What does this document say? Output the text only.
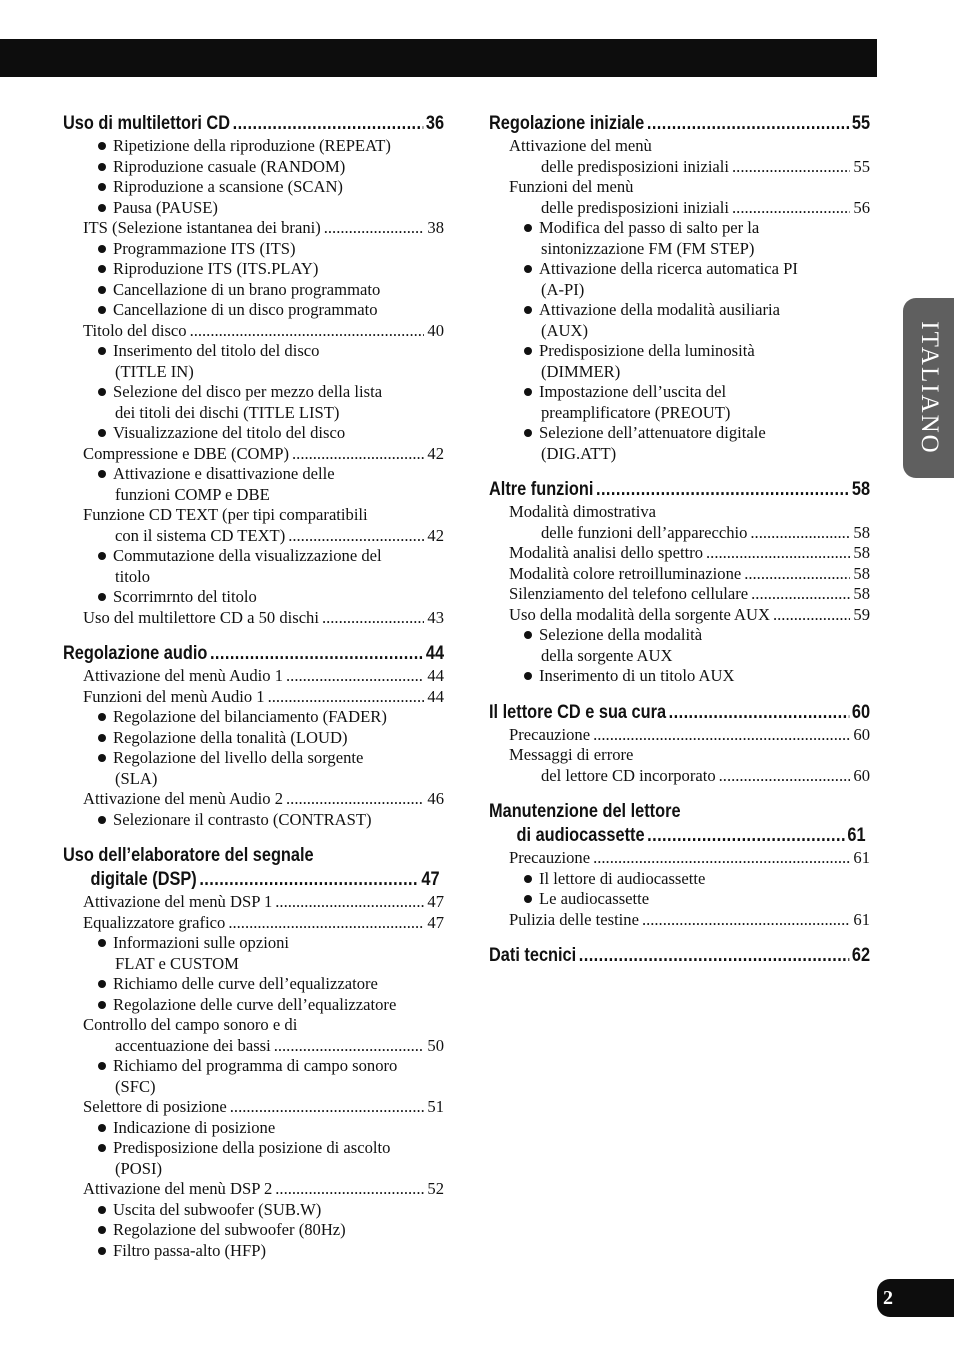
ITALIANO
2
Uso di multilettori CD .....	36
Ripetizione della riproduzione (REPEAT)
Riproduzione casuale (RANDOM)
Riproduzione a scansione (SCAN)
Pausa (PAUSE)
ITS (Selezione istantanea dei brani) .....	38
Programmazione ITS (ITS)
Riproduzione ITS (ITS.PLAY)
Cancellazione di un brano programmato
Cancellazione di un disco programmato
Titolo del disco .....	40
Inserimento del titolo del disco
(TITLE IN)
Selezione del disco per mezzo della lista
dei titoli dei dischi (TITLE LIST)
Visualizzazione del titolo del disco
Compressione e DBE (COMP) .....	42
Attivazione e disattivazione delle
funzioni COMP e DBE
Funzione CD TEXT (per tipi comparatibili
con il sistema CD TEXT) .....	42
Commutazione della visualizzazione del
titolo
Scorrimrnto del titolo
Uso del multilettore CD a 50 dischi .....	43
Regolazione audio .....	44
Attivazione del menù Audio 1 .....	44
Funzioni del menù Audio 1 .....	44
Regolazione del bilanciamento (FADER)
Regolazione della tonalità (LOUD)
Regolazione del livello della sorgente
(SLA)
Attivazione del menù Audio 2 .....	46
Selezionare il contrasto (CONTRAST)
Uso dell’elaboratore del segnale
digitale (DSP) .....	47
Attivazione del menù DSP 1 .....	47
Equalizzatore grafico .....	47
Informazioni sulle opzioni
FLAT e CUSTOM
Richiamo delle curve dell’equalizzatore
Regolazione delle curve dell’equalizzatore
Controllo del campo sonoro e di
accentuazione dei bassi .....	50
Richiamo del programma di campo sonoro
(SFC)
Selettore di posizione .....	51
Indicazione di posizione
Predisposizione della posizione di ascolto
(POSI)
Attivazione del menù DSP 2 .....	52
Uscita del subwoofer (SUB.W)
Regolazione del subwoofer (80Hz)
Filtro passa-alto (HFP)
Regolazione iniziale .....	55
Attivazione del menù
delle predisposizioni iniziali .....	55
Funzioni del menù
delle predisposizioni iniziali .....	56
Modifica del passo di salto per la
sintonizzazione FM (FM STEP)
Attivazione della ricerca automatica PI
(A-PI)
Attivazione della modalità ausiliaria
(AUX)
Predisposizione della luminosità
(DIMMER)
Impostazione dell’uscita del
preamplificatore (PREOUT)
Selezione dell’attenuatore digitale
(DIG.ATT)
Altre funzioni .....	58
Modalità dimostrativa
delle funzioni dell’apparecchio .....	58
Modalità analisi dello spettro .....	58
Modalità colore retroilluminazione .....	58
Silenziamento del telefono cellulare .....	58
Uso della modalità della sorgente AUX .....	59
Selezione della modalità
della sorgente AUX
Inserimento di un titolo AUX
Il lettore CD e sua cura .....	60
Precauzione .....	60
Messaggi di errore
del lettore CD incorporato .....	60
Manutenzione del lettore
di audiocassette .....	61
Precauzione .....	61
Il lettore di audiocassette
Le audiocassette
Pulizia delle testine .....	61
Dati tecnici .....	62
